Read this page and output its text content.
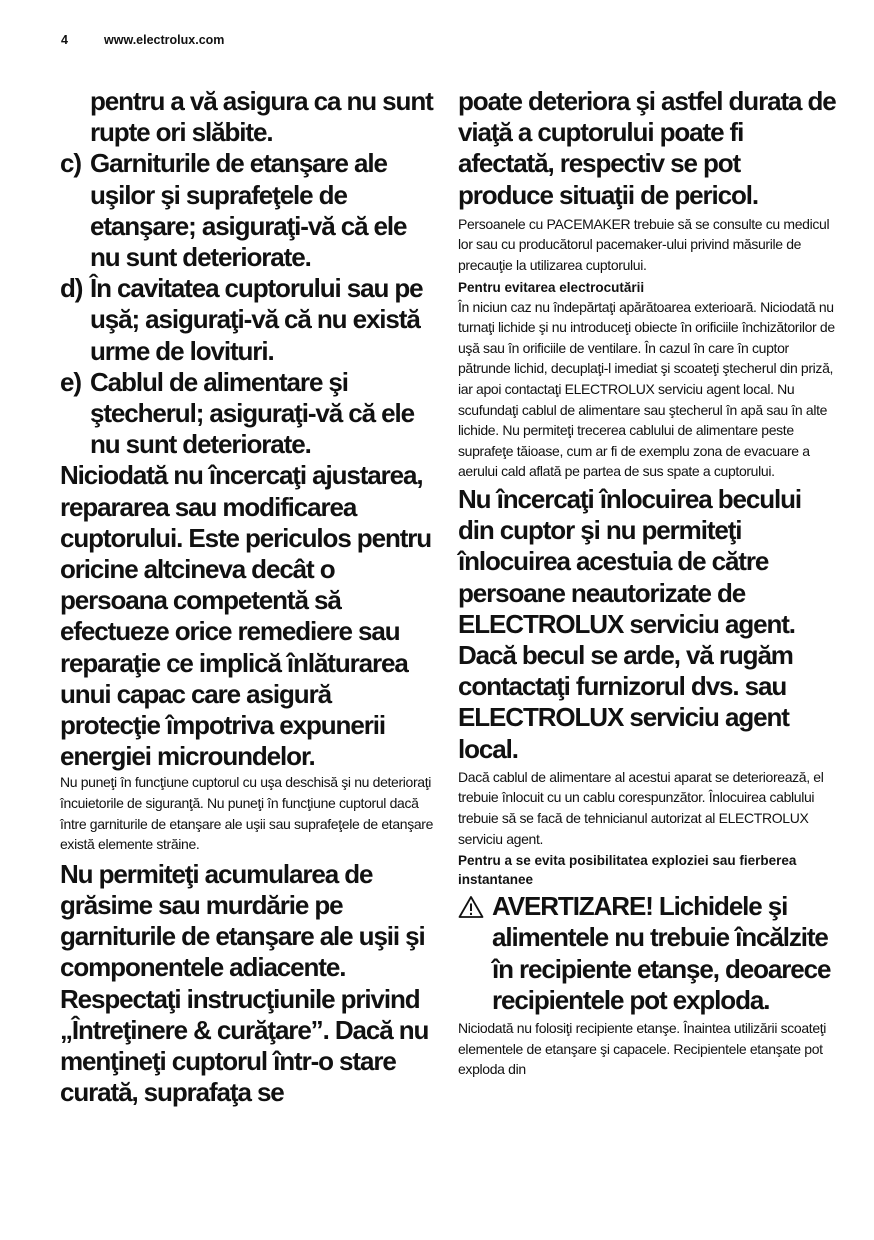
4	www.electrolux.com

pentru a vă asigura ca nu sunt rupte ori slăbite.

c) Garniturile de etanşare ale uşilor şi suprafeţele de etanşare; asiguraţi-vă că ele nu sunt deteriorate.
d) În cavitatea cuptorului sau pe uşă; asiguraţi-vă că nu există urme de lovituri.
e) Cablul de alimentare şi ştecherul; asiguraţi-vă că ele nu sunt deteriorate.

Niciodată nu încercaţi ajustarea, repararea sau modificarea cuptorului. Este periculos pentru oricine altcineva decât o persoana competentă să efectueze orice remediere sau reparaţie ce implică înlăturarea unui capac care asigură protecţie împotriva expunerii energiei microundelor.

Nu puneţi în funcţiune cuptorul cu uşa deschisă şi nu deterioraţi încuietorile de siguranţă. Nu puneţi în funcţiune cuptorul dacă între garniturile de etanşare ale uşii sau suprafeţele de etanşare există elemente străine.

Nu permiteţi acumularea de grăsime sau murdărie pe garniturile de etanşare ale uşii şi componentele adiacente. Respectaţi instrucţiunile privind „Întreţinere & curăţare”. Dacă nu menţineţi cuptorul într-o stare curată, suprafaţa se

poate deteriora şi astfel durata de viaţă a cuptorului poate fi afectată, respectiv se pot produce situaţii de pericol.

Persoanele cu PACEMAKER trebuie să se consulte cu medicul lor sau cu producătorul pacemaker-ului privind măsurile de precauţie la utilizarea cuptorului.

Pentru evitarea electrocutării

În niciun caz nu îndepărtaţi apărătoarea exterioară. Niciodată nu turnaţi lichide şi nu introduceţi obiecte în orificiile închizătorilor de uşă sau în orificiile de ventilare. În cazul în care în cuptor pătrunde lichid, decuplaţi-l imediat şi scoateţi ştecherul din priză, iar apoi contactaţi ELECTROLUX serviciu agent local. Nu scufundaţi cablul de alimentare sau ştecherul în apă sau în alte lichide. Nu permiteţi trecerea cablului de alimentare peste suprafeţe tăioase, cum ar fi de exemplu zona de evacuare a aerului cald aflată pe partea de sus spate a cuptorului.

Nu încercaţi înlocuirea becului din cuptor şi nu permiteţi înlocuirea acestuia de către persoane neautorizate de ELECTROLUX serviciu agent. Dacă becul se arde, vă rugăm contactaţi furnizorul dvs. sau ELECTROLUX serviciu agent local.

Dacă cablul de alimentare al acestui aparat se deteriorează, el trebuie înlocuit cu un cablu corespunzător. Înlocuirea cablului trebuie să se facă de tehnicianul autorizat al ELECTROLUX serviciu agent.

Pentru a se evita posibilitatea exploziei sau fierberea instantanee

AVERTIZARE! Lichidele şi alimentele nu trebuie încălzite în recipiente etanşe, deoarece recipientele pot exploda.

Niciodată nu folosiţi recipiente etanşe. Înaintea utilizării scoateţi elementele de etanşare şi capacele. Recipientele etanşate pot exploda din
